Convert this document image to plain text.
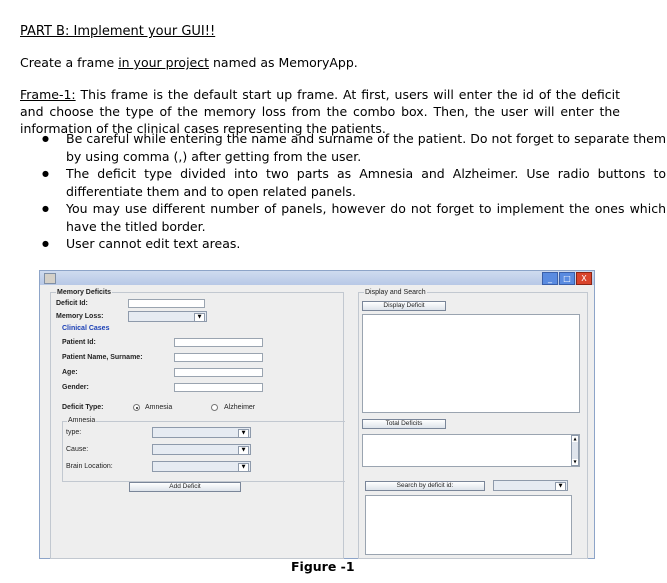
PART B: Implement your GUI!!
Create a frame in your project named as MemoryApp.
Frame-1: This frame is the default start up frame. At first, users will enter the id of the deficit and choose the type of the memory loss from the combo box. Then, the user will enter the information of the clinical cases representing the patients.
● Be careful while entering the name and surname of the patient. Do not forget to separate them by using comma (,) after getting from the user.
● The deficit type divided into two parts as Amnesia and Alzheimer. Use radio buttons to differentiate them and to open related panels.
● You may use different number of panels, however do not forget to implement the ones which have the titled border.
● User cannot edit text areas.
_	□	X
Memory Deficits
Deficit Id:
Memory Loss:	▼
Clinical Cases
Patient Id:
Patient Name, Surname:
Age:
Gender:
Deficit Type:	Amnesia	Alzheimer
Amnesia
type:	▼
Cause:	▼
Brain Location:	▼
Add Deficit
Display and Search
Display Deficit
Total Deficits
▲
▼
Search by deficit id:	▼
Figure -1
